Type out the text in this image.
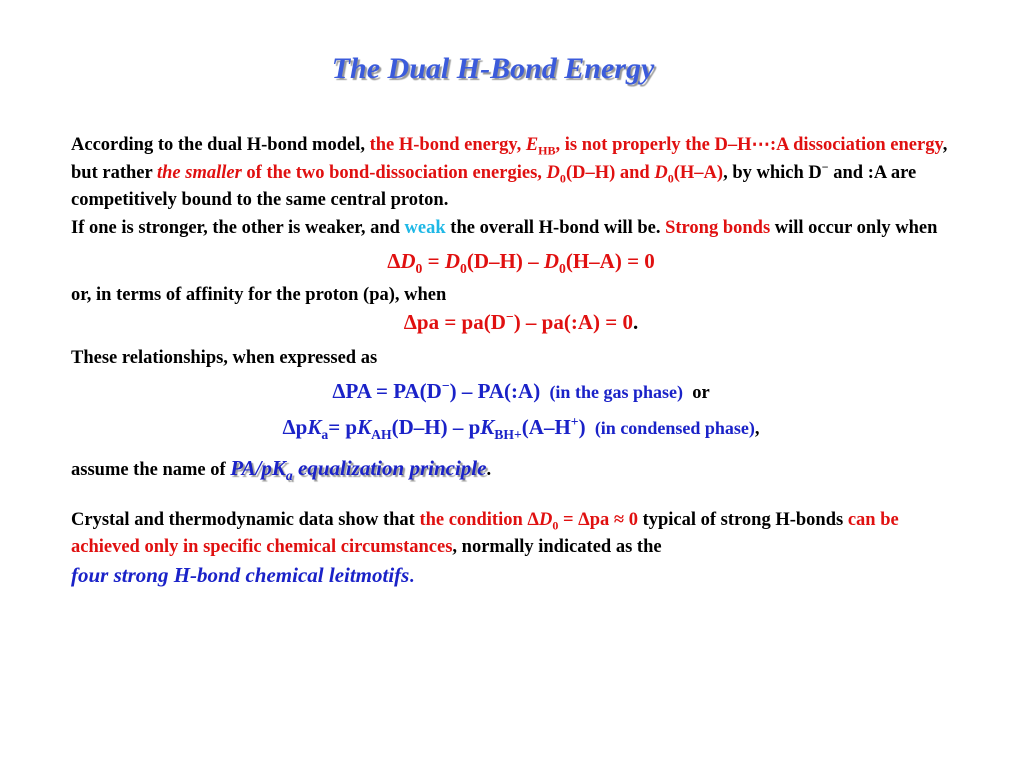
The Dual H-Bond Energy
According to the dual H-bond model, the H-bond energy, $E_{HB}$, is not properly the D–H⋯:A dissociation energy, but rather the smaller of the two bond-dissociation energies, $D_0(D-H)$ and $D_0(H-A)$, by which D− and :A are competitively bound to the same central proton.
If one is stronger, the other is weaker, and weak the overall H-bond will be. Strong bonds will occur only when
$\Delta D_0 = D_0(D-H) - D_0(H-A) = 0$
or, in terms of affinity for the proton (pa), when
Δpa = pa(D−) – pa(:A) = 0.
These relationships, when expressed as
ΔPA = PA(D−) – PA(:A) (in the gas phase) or
$\Delta pK_a= pK_{AH}(D-H) - pK_{BH+}(A-H^+)$ (in condensed phase),
assume the name of $PA/pK_a$ equalization principle.
Crystal and thermodynamic data show that the condition $\Delta D_0 = \Delta pa \approx 0$ typical of strong H-bonds can be achieved only in specific chemical circumstances, normally indicated as the
four strong H-bond chemical leitmotifs.
